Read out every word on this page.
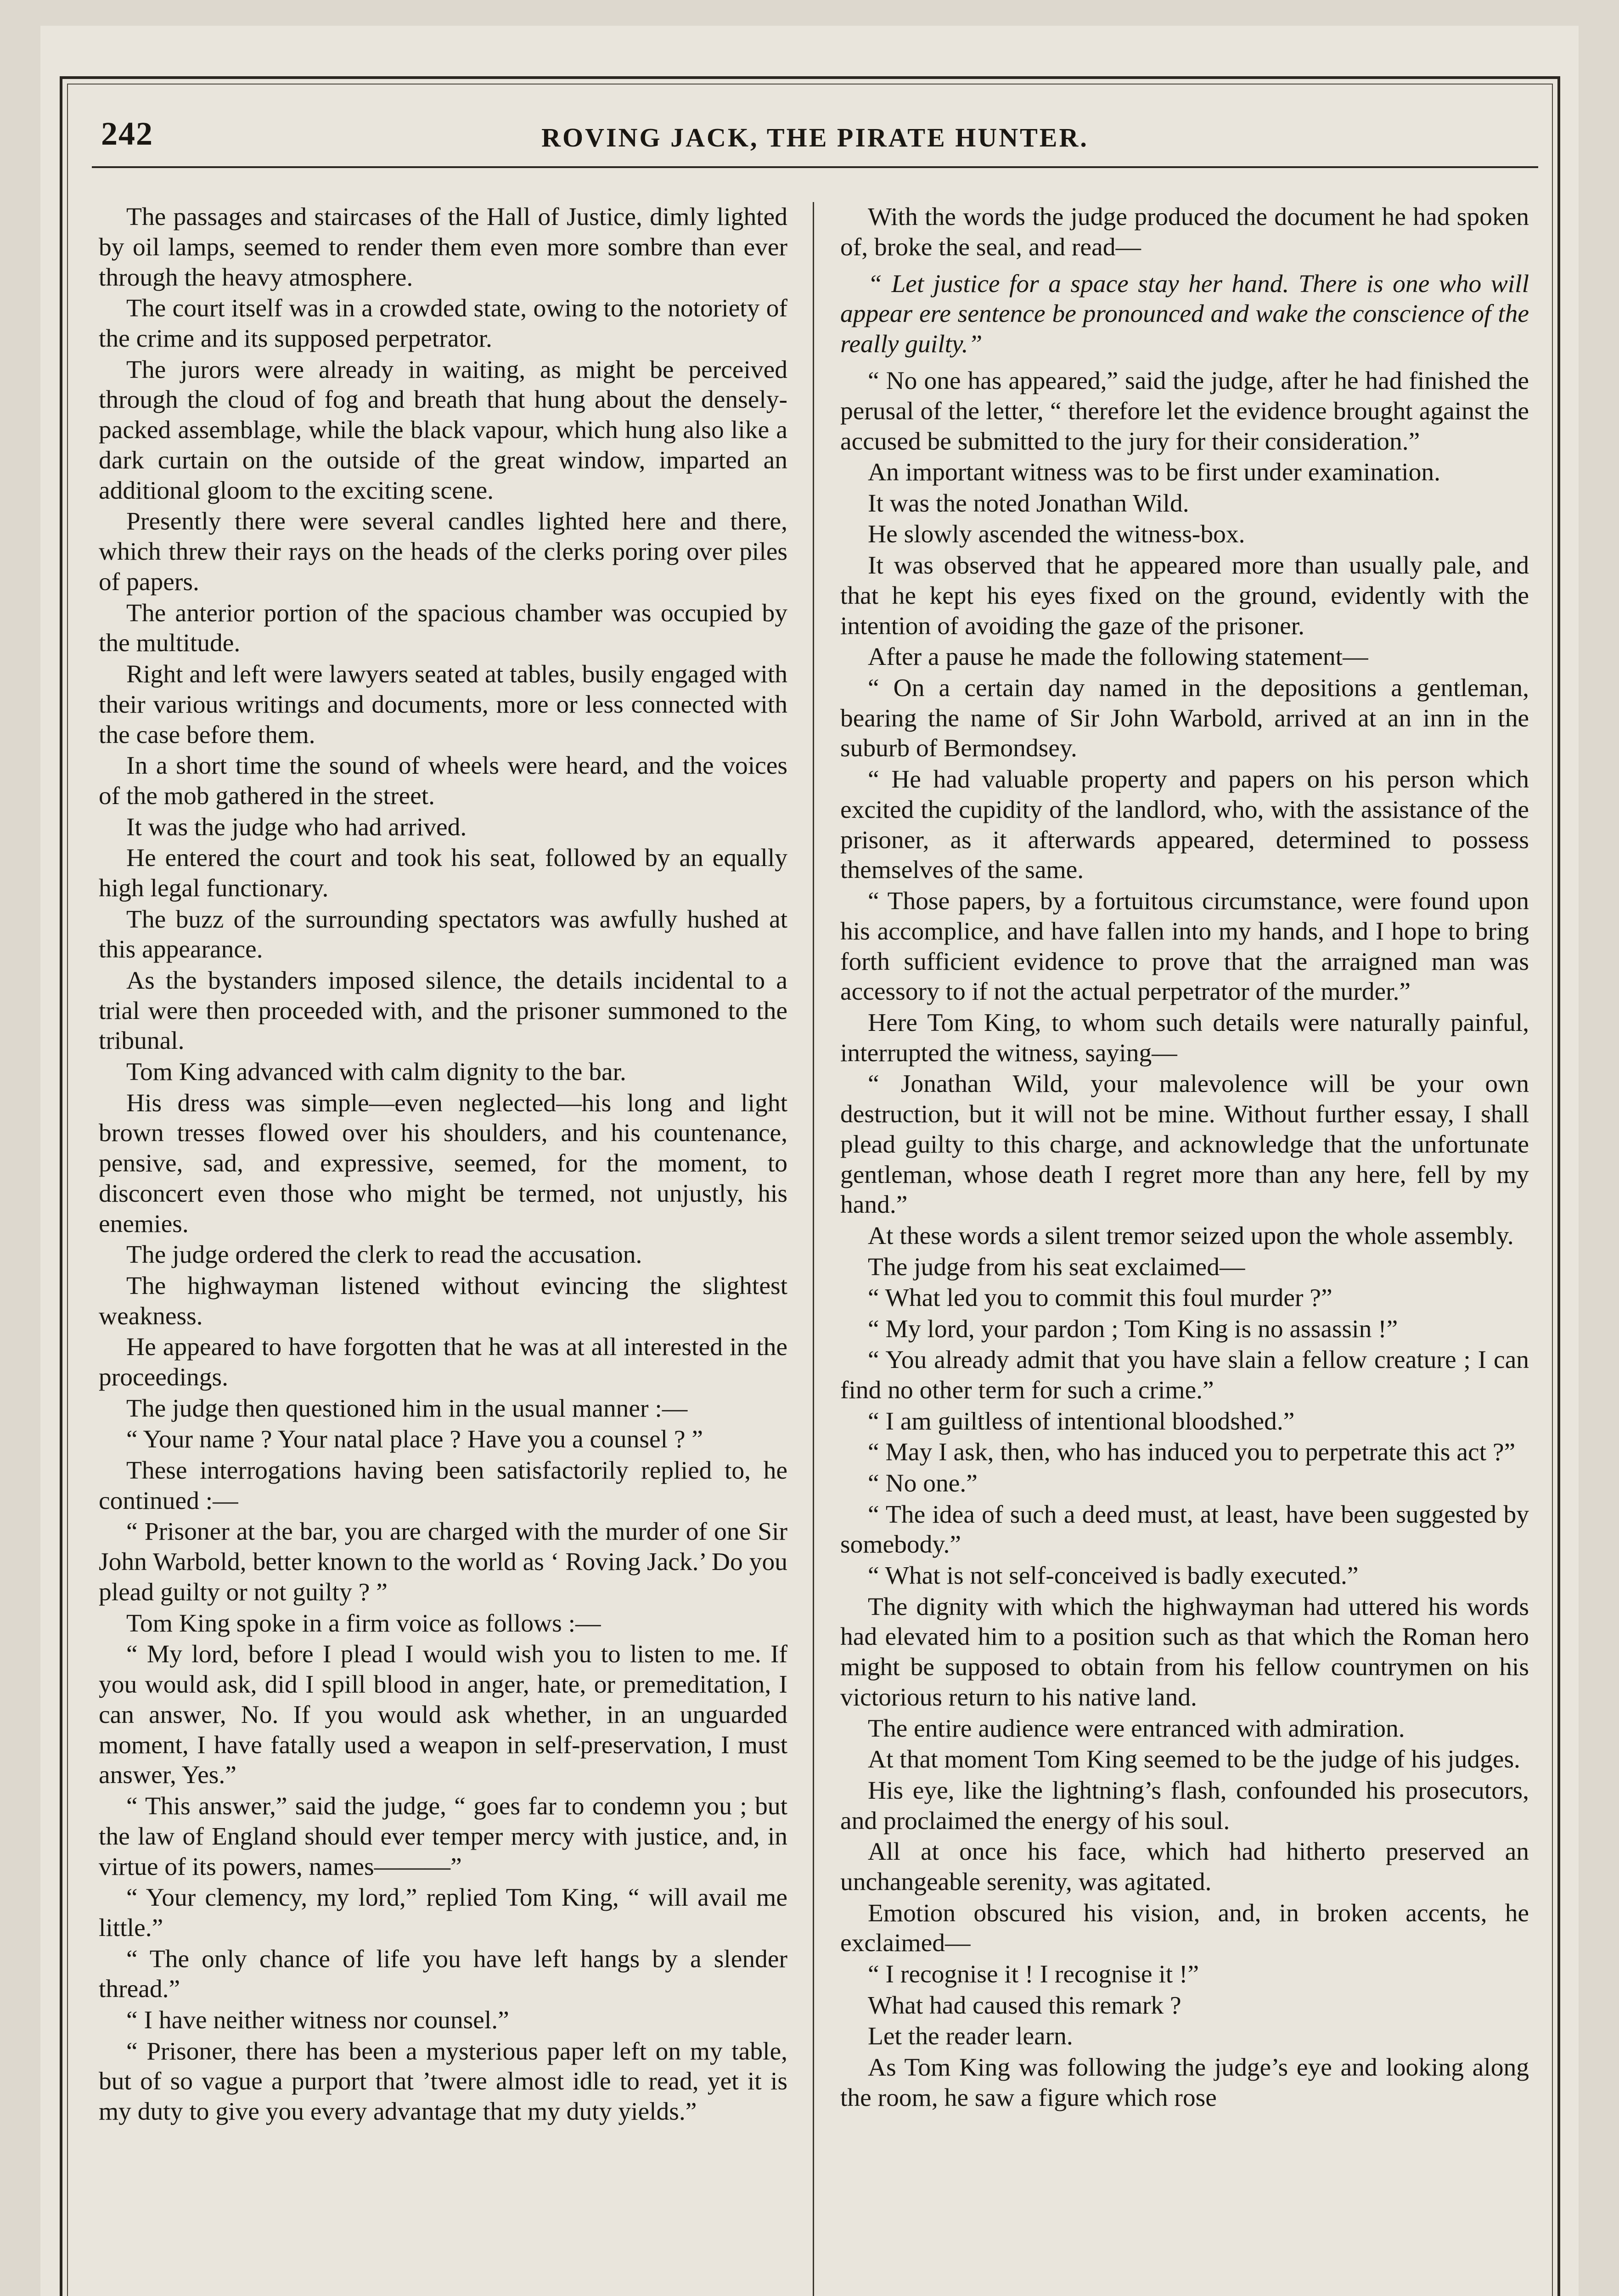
242	ROVING JACK, THE PIRATE HUNTER.

The passages and staircases of the Hall of Justice, dimly lighted by oil lamps, seemed to render them even more sombre than ever through the heavy atmosphere.

The court itself was in a crowded state, owing to the notoriety of the crime and its supposed perpetrator.

The jurors were already in waiting, as might be perceived through the cloud of fog and breath that hung about the densely-packed assemblage, while the black vapour, which hung also like a dark curtain on the outside of the great window, imparted an additional gloom to the exciting scene.

Presently there were several candles lighted here and there, which threw their rays on the heads of the clerks poring over piles of papers.

The anterior portion of the spacious chamber was occupied by the multitude.

Right and left were lawyers seated at tables, busily engaged with their various writings and documents, more or less connected with the case before them.

In a short time the sound of wheels were heard, and the voices of the mob gathered in the street.

It was the judge who had arrived.

He entered the court and took his seat, followed by an equally high legal functionary.

The buzz of the surrounding spectators was awfully hushed at this appearance.

As the bystanders imposed silence, the details incidental to a trial were then proceeded with, and the prisoner summoned to the tribunal.

Tom King advanced with calm dignity to the bar.

His dress was simple—even neglected—his long and light brown tresses flowed over his shoulders, and his countenance, pensive, sad, and expressive, seemed, for the moment, to disconcert even those who might be termed, not unjustly, his enemies.

The judge ordered the clerk to read the accusation.

The highwayman listened without evincing the slightest weakness.

He appeared to have forgotten that he was at all interested in the proceedings.

The judge then questioned him in the usual manner :—

“ Your name ? Your natal place ? Have you a counsel ? ”

These interrogations having been satisfactorily replied to, he continued :—

“ Prisoner at the bar, you are charged with the murder of one Sir John Warbold, better known to the world as ‘ Roving Jack.’ Do you plead guilty or not guilty ? ”

Tom King spoke in a firm voice as follows :—

“ My lord, before I plead I would wish you to listen to me. If you would ask, did I spill blood in anger, hate, or premeditation, I can answer, No. If you would ask whether, in an unguarded moment, I have fatally used a weapon in self-preservation, I must answer, Yes.”

“ This answer,” said the judge, “ goes far to condemn you ; but the law of England should ever temper mercy with justice, and, in virtue of its powers, names———”

“ Your clemency, my lord,” replied Tom King, “ will avail me little.”

“ The only chance of life you have left hangs by a slender thread.”

“ I have neither witness nor counsel.”

“ Prisoner, there has been a mysterious paper left on my table, but of so vague a purport that ’twere almost idle to read, yet it is my duty to give you every advantage that my duty yields.”

With the words the judge produced the document he had spoken of, broke the seal, and read—

“ Let justice for a space stay her hand. There is one who will appear ere sentence be pronounced and wake the conscience of the really guilty.”

“ No one has appeared,” said the judge, after he had finished the perusal of the letter, “ therefore let the evidence brought against the accused be submitted to the jury for their consideration.”

An important witness was to be first under examination.

It was the noted Jonathan Wild.

He slowly ascended the witness-box.

It was observed that he appeared more than usually pale, and that he kept his eyes fixed on the ground, evidently with the intention of avoiding the gaze of the prisoner.

After a pause he made the following statement—

“ On a certain day named in the depositions a gentleman, bearing the name of Sir John Warbold, arrived at an inn in the suburb of Bermondsey.

“ He had valuable property and papers on his person which excited the cupidity of the landlord, who, with the assistance of the prisoner, as it afterwards appeared, determined to possess themselves of the same.

“ Those papers, by a fortuitous circumstance, were found upon his accomplice, and have fallen into my hands, and I hope to bring forth sufficient evidence to prove that the arraigned man was accessory to if not the actual perpetrator of the murder.”

Here Tom King, to whom such details were naturally painful, interrupted the witness, saying—

“ Jonathan Wild, your malevolence will be your own destruction, but it will not be mine. Without further essay, I shall plead guilty to this charge, and acknowledge that the unfortunate gentleman, whose death I regret more than any here, fell by my hand.”

At these words a silent tremor seized upon the whole assembly.

The judge from his seat exclaimed—

“ What led you to commit this foul murder ?”

“ My lord, your pardon ; Tom King is no assassin !”

“ You already admit that you have slain a fellow creature ; I can find no other term for such a crime.”

“ I am guiltless of intentional bloodshed.”

“ May I ask, then, who has induced you to perpetrate this act ?”

“ No one.”

“ The idea of such a deed must, at least, have been suggested by somebody.”

“ What is not self-conceived is badly executed.”

The dignity with which the highwayman had uttered his words had elevated him to a position such as that which the Roman hero might be supposed to obtain from his fellow countrymen on his victorious return to his native land.

The entire audience were entranced with admiration.

At that moment Tom King seemed to be the judge of his judges.

His eye, like the lightning’s flash, confounded his prosecutors, and proclaimed the energy of his soul.

All at once his face, which had hitherto preserved an unchangeable serenity, was agitated.

Emotion obscured his vision, and, in broken accents, he exclaimed—

“ I recognise it ! I recognise it !”

What had caused this remark ?

Let the reader learn.

As Tom King was following the judge’s eye and looking along the room, he saw a figure which rose
